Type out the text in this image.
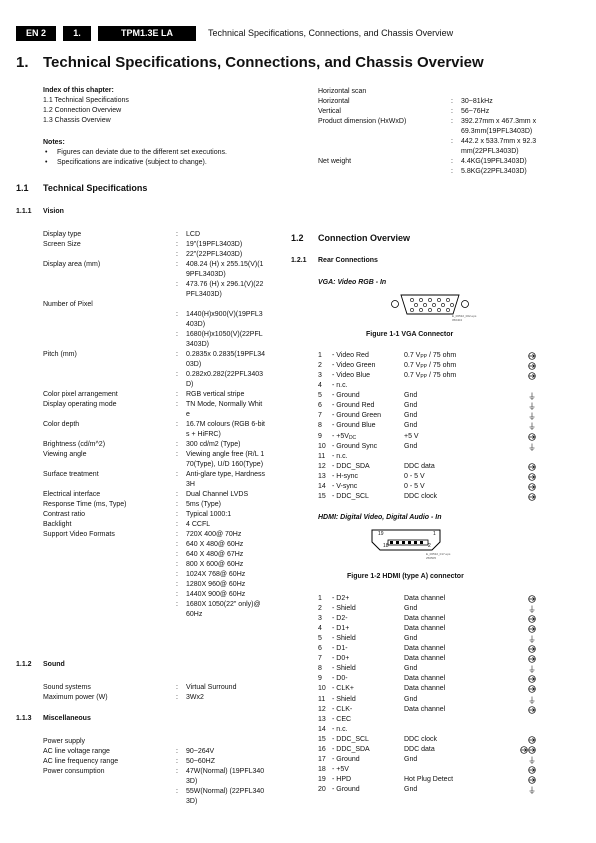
EN 2	1.	TPM1.3E LA	Technical Specifications, Connections, and Chassis Overview
1. Technical Specifications, Connections, and Chassis Overview
Index of this chapter:
1.1 Technical Specifications
1.2 Connection Overview
1.3 Chassis Overview
Notes:
• Figures can deviate due to the different set executions.
• Specifications are indicative (subject to change).
1.1 Technical Specifications
1.1.1 Vision
1.1.2 Sound
1.1.3 Miscellaneous
1.2 Connection Overview
1.2.1 Rear Connections
VGA: Video RGB - In
E_06532_002.eps
050404
Figure 1-1 VGA Connector
HDMI: Digital Video, Digital Audio - In
19	1
18	2
E_06532_017.eps
250505
Figure 1-2 HDMI (type A) connector
Display type	: LCD
Screen Size	: 19"(19PFL3403D)
: 22"(22PFL3403D)
Display area (mm)	: 408.24 (H) x 255.15(V)(19PFL3403D)
: 473.76 (H) x 296.1(V)(22PFL3403D)
Number of Pixel
: 1440(H)x900(V)(19PFL3403D)
: 1680(H)x1050(V)(22PFL3403D)
Pitch (mm)	: 0.2835x 0.2835(19PFL3403D)
: 0.282x0.282(22PFL3403D)
Color pixel arrangement	: RGB vertical stripe
Display operating mode	: TN Mode, Normally White
Color depth	: 16.7M colours (RGB 6-bits + HiFRC)
Brightness (cd/m^2)	: 300 cd/m2 (Type)
Viewing angle	: Viewing angle free (R/L 170(Type), U/D 160(Type)
Surface treatment	: Anti-glare type, Hardness 3H
Electrical interface	: Dual Channel LVDS
Response Time (ms, Type)	: 5ms (Type)
Contrast ratio	: Typical 1000:1
Backlight	: 4 CCFL
Support Video Formats	: 720X 400@ 70Hz
: 640 X 480@ 60Hz
: 640 X 480@ 67Hz
: 800 X 600@ 60Hz
: 1024X 768@ 60Hz
: 1280X 960@ 60Hz
: 1440X 900@ 60Hz
: 1680X 1050(22" only)@ 60Hz
Sound systems	: Virtual Surround
Maximum power (W)	: 3Wx2
Power supply
AC line voltage range	: 90~264V
AC line frequency range	: 50~60HZ
Power consumption	: 47W(Normal) (19PFL3403D)
: 55W(Normal) (22PFL3403D)
Horizontal scan
Horizontal	: 30~81kHz
Vertical	: 56~76Hz
Product dimension (HxWxD)	: 392.27mm x 467.3mm x 69.3mm(19PFL3403D)
: 442.2 x 533.7mm x 92.3mm(22PFL3403D)
Net weight	: 4.4KG(19PFL3403D)
: 5.8KG(22PFL3403D)
1 - Video Red	0.7 $V_{PP} / 75$ ohm
2 - Video Green	0.7 $V_{PP} / 75$ ohm
3 - Video Blue	0.7 $V_{PP} / 75$ ohm
4 - n.c.
5 - Ground	Gnd
6 - Ground Red	Gnd
7 - Ground Green	Gnd
8 - Ground Blue	Gnd
$9 - +5V_{DC}$	+5 V
10 - Ground Sync	Gnd
11 - n.c.
12 - DDC_SDA	DDC data
13 - H-sync	0 - 5 V
14 - V-sync	0 - 5 V
15 - DDC_SCL	DDC clock
1 - D2+	Data channel
2 - Shield	Gnd
3 - D2-	Data channel
4 - D1+	Data channel
5 - Shield	Gnd
6 - D1-	Data channel
7 - D0+	Data channel
8 - Shield	Gnd
9 - D0-	Data channel
10 - CLK+	Data channel
11 - Shield	Gnd
12 - CLK-	Data channel
13 - CEC
14 - n.c.
15 - DDC_SCL	DDC clock
16 - DDC_SDA	DDC data
17 - Ground	Gnd
18 - +5V
19 - HPD	Hot Plug Detect
20 - Ground	Gnd
